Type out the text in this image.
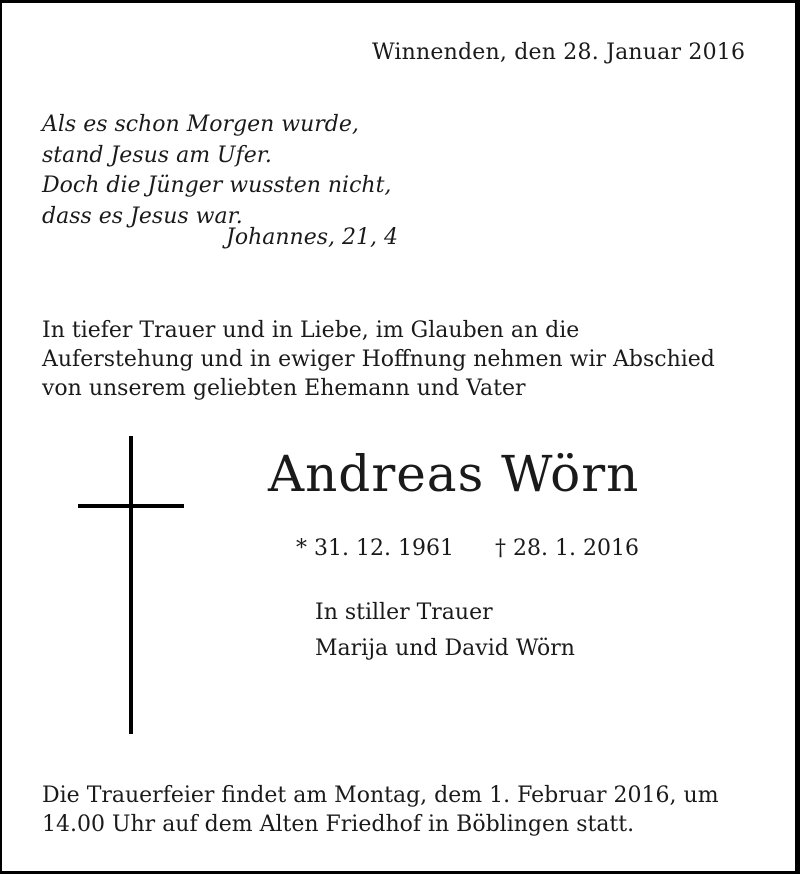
Winnenden, den 28. Januar 2016
Als es schon Morgen wurde,
stand Jesus am Ufer.
Doch die Jünger wussten nicht,
dass es Jesus war.
Johannes, 21, 4
In tiefer Trauer und in Liebe, im Glauben an die
Auferstehung und in ewiger Hoffnung nehmen wir Abschied
von unserem geliebten Ehemann und Vater
Andreas Wörn
* 31. 12. 1961 † 28. 1. 2016
In stiller Trauer
Marija und David Wörn
Die Trauerfeier findet am Montag, dem 1. Februar 2016, um
14.00 Uhr auf dem Alten Friedhof in Böblingen statt.
